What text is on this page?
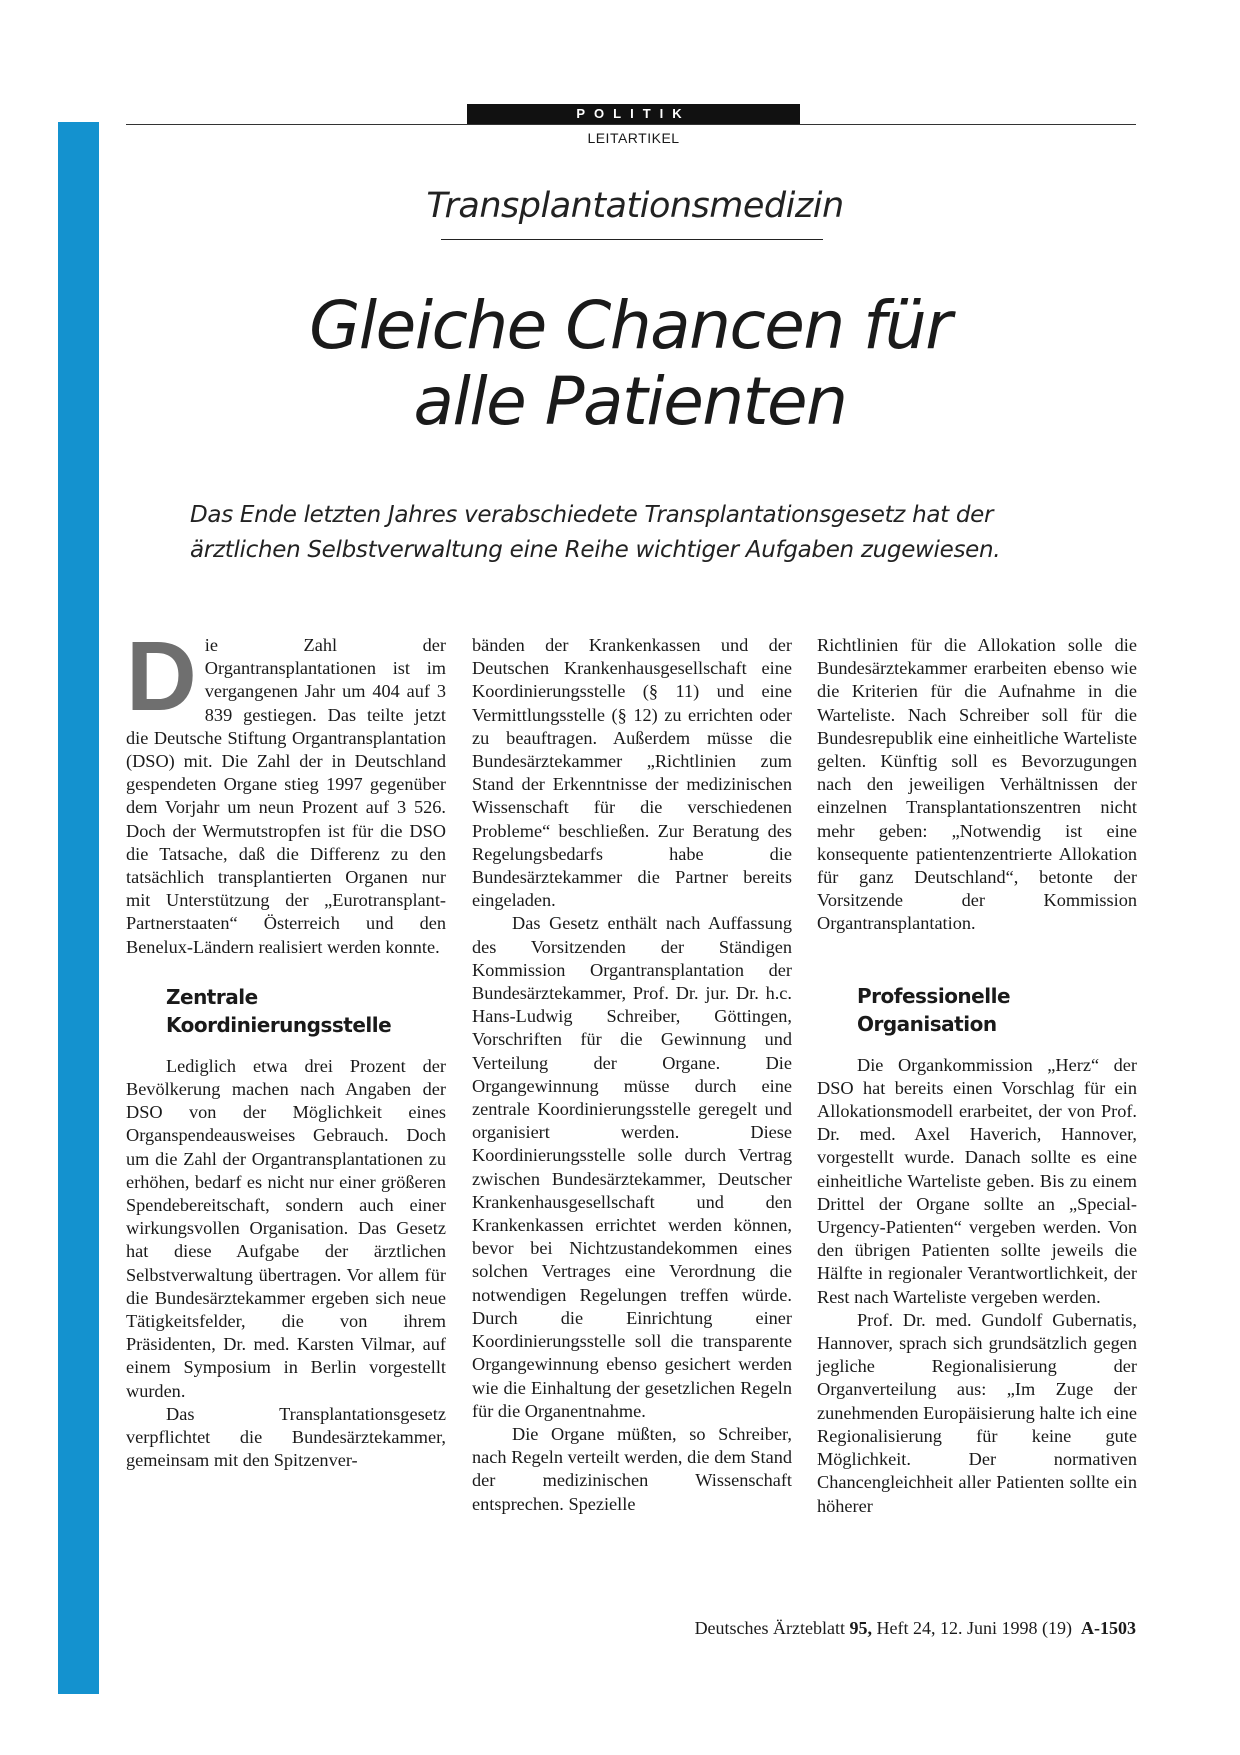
POLITIK
LEITARTIKEL
Transplantationsmedizin
Gleiche Chancen für
alle Patienten
Das Ende letzten Jahres verabschiedete Transplantationsgesetz hat der ärztlichen Selbstverwaltung eine Reihe wichtiger Aufgaben zugewiesen.

Die Zahl der Organtransplantationen ist im vergangenen Jahr um 404 auf 3 839 gestiegen. Das teilte jetzt die Deutsche Stiftung Organtransplantation (DSO) mit. Die Zahl der in Deutschland gespendeten Organe stieg 1997 gegenüber dem Vorjahr um neun Prozent auf 3 526. Doch der Wermutstropfen ist für die DSO die Tatsache, daß die Differenz zu den tatsächlich transplantierten Organen nur mit Unterstützung der „Eurotransplant-Partnerstaaten“ Österreich und den Benelux-Ländern realisiert werden konnte.

Zentrale
Koordinierungsstelle

Lediglich etwa drei Prozent der Bevölkerung machen nach Angaben der DSO von der Möglichkeit eines Organspendeausweises Gebrauch. Doch um die Zahl der Organtransplantationen zu erhöhen, bedarf es nicht nur einer größeren Spendebereitschaft, sondern auch einer wirkungsvollen Organisation. Das Gesetz hat diese Aufgabe der ärztlichen Selbstverwaltung übertragen. Vor allem für die Bundesärztekammer ergeben sich neue Tätigkeitsfelder, die von ihrem Präsidenten, Dr. med. Karsten Vilmar, auf einem Symposium in Berlin vorgestellt wurden.

Das Transplantationsgesetz verpflichtet die Bundesärztekammer, gemeinsam mit den Spitzenver-

bänden der Krankenkassen und der Deutschen Krankenhausgesellschaft eine Koordinierungsstelle (§ 11) und eine Vermittlungsstelle (§ 12) zu errichten oder zu beauftragen. Außerdem müsse die Bundesärztekammer „Richtlinien zum Stand der Erkenntnisse der medizinischen Wissenschaft für die verschiedenen Probleme“ beschließen. Zur Beratung des Regelungsbedarfs habe die Bundesärztekammer die Partner bereits eingeladen.

Das Gesetz enthält nach Auffassung des Vorsitzenden der Ständigen Kommission Organtransplantation der Bundesärztekammer, Prof. Dr. jur. Dr. h.c. Hans-Ludwig Schreiber, Göttingen, Vorschriften für die Gewinnung und Verteilung der Organe. Die Organgewinnung müsse durch eine zentrale Koordinierungsstelle geregelt und organisiert werden. Diese Koordinierungsstelle solle durch Vertrag zwischen Bundesärztekammer, Deutscher Krankenhausgesellschaft und den Krankenkassen errichtet werden können, bevor bei Nichtzustandekommen eines solchen Vertrages eine Verordnung die notwendigen Regelungen treffen würde. Durch die Einrichtung einer Koordinierungsstelle soll die transparente Organgewinnung ebenso gesichert werden wie die Einhaltung der gesetzlichen Regeln für die Organentnahme.

Die Organe müßten, so Schreiber, nach Regeln verteilt werden, die dem Stand der medizinischen Wissenschaft entsprechen. Spezielle

Richtlinien für die Allokation solle die Bundesärztekammer erarbeiten ebenso wie die Kriterien für die Aufnahme in die Warteliste. Nach Schreiber soll für die Bundesrepublik eine einheitliche Warteliste gelten. Künftig soll es Bevorzugungen nach den jeweiligen Verhältnissen der einzelnen Transplantationszentren nicht mehr geben: „Notwendig ist eine konsequente patientenzentrierte Allokation für ganz Deutschland“, betonte der Vorsitzende der Kommission Organtransplantation.

Professionelle
Organisation

Die Organkommission „Herz“ der DSO hat bereits einen Vorschlag für ein Allokationsmodell erarbeitet, der von Prof. Dr. med. Axel Haverich, Hannover, vorgestellt wurde. Danach sollte es eine einheitliche Warteliste geben. Bis zu einem Drittel der Organe sollte an „Special-Urgency-Patienten“ vergeben werden. Von den übrigen Patienten sollte jeweils die Hälfte in regionaler Verantwortlichkeit, der Rest nach Warteliste vergeben werden.

Prof. Dr. med. Gundolf Gubernatis, Hannover, sprach sich grundsätzlich gegen jegliche Regionalisierung der Organverteilung aus: „Im Zuge der zunehmenden Europäisierung halte ich eine Regionalisierung für keine gute Möglichkeit. Der normativen Chancengleichheit aller Patienten sollte ein höherer

Deutsches Ärzteblatt 95, Heft 24, 12. Juni 1998 (19) A-1503
